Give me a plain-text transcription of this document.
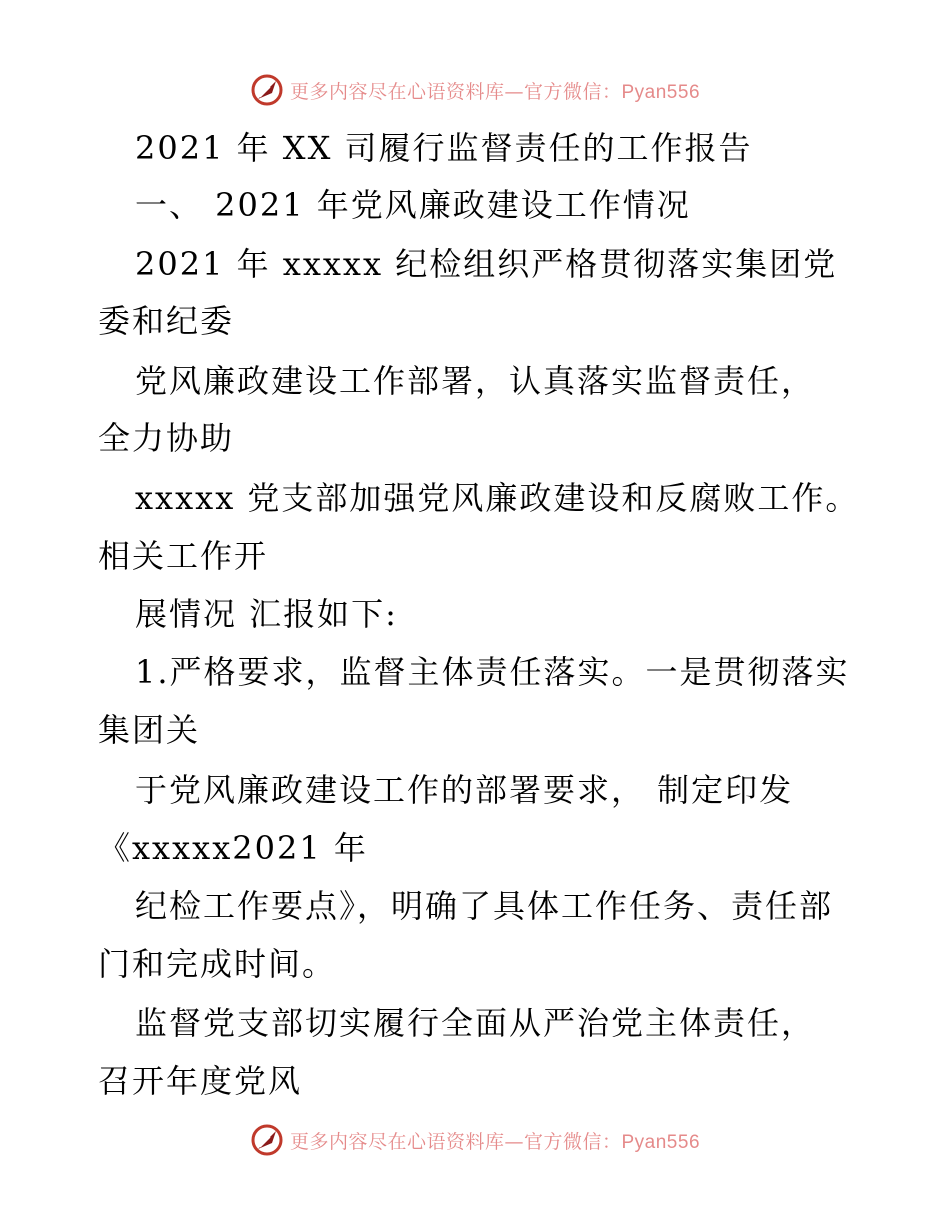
更多内容尽在心语资料库—官方微信：Pyan556
2021 年 XX 司履行监督责任的工作报告
一、 2021 年党风廉政建设工作情况
2021 年 xxxxx 纪检组织严格贯彻落实集团党
委和纪委
党风廉政建设工作部署，认真落实监督责任，
全力协助
xxxxx 党支部加强党风廉政建设和反腐败工作。
相关工作开
展情况 汇报如下:
1.严格要求，监督主体责任落实。一是贯彻落实
集团关
于党风廉政建设工作的部署要求， 制定印发
《xxxxx2021 年
纪检工作要点》，明确了具体工作任务、责任部
门和完成时间。
监督党支部切实履行全面从严治党主体责任，
召开年度党风
更多内容尽在心语资料库—官方微信：Pyan556
